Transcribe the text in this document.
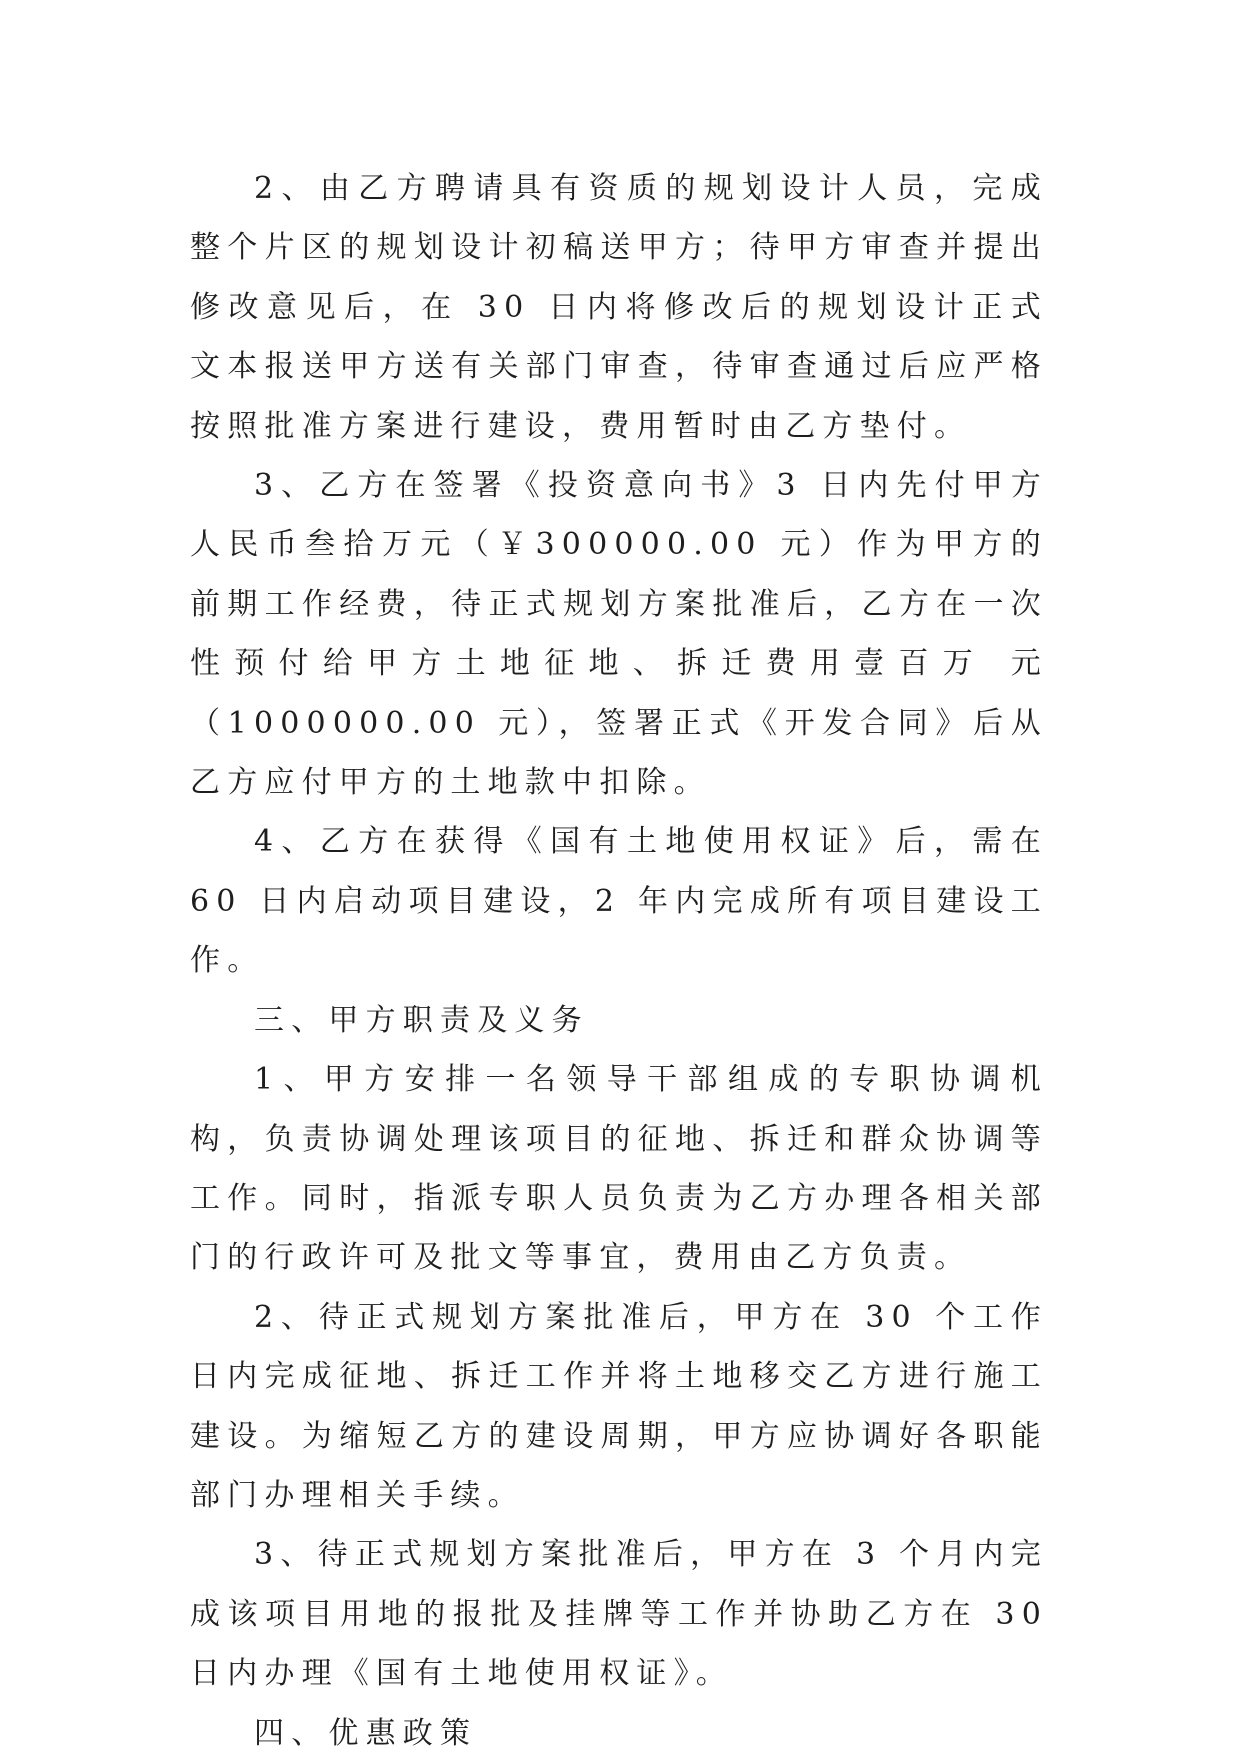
2、由乙方聘请具有资质的规划设计人员，完成整个片区的规划设计初稿送甲方；待甲方审查并提出修改意见后，在 30 日内将修改后的规划设计正式文本报送甲方送有关部门审查，待审查通过后应严格按照批准方案进行建设，费用暂时由乙方垫付。

3、乙方在签署《投资意向书》3 日内先付甲方人民币叁拾万元（￥300000.00 元）作为甲方的前期工作经费，待正式规划方案批准后，乙方在一次性预付给甲方土地征地、拆迁费用壹百万 元（1000000.00 元），签署正式《开发合同》后从乙方应付甲方的土地款中扣除。

4、乙方在获得《国有土地使用权证》后，需在 60 日内启动项目建设，2 年内完成所有项目建设工作。

三、甲方职责及义务

1、甲方安排一名领导干部组成的专职协调机构，负责协调处理该项目的征地、拆迁和群众协调等工作。同时，指派专职人员负责为乙方办理各相关部门的行政许可及批文等事宜，费用由乙方负责。

2、待正式规划方案批准后，甲方在 30 个工作日内完成征地、拆迁工作并将土地移交乙方进行施工建设。为缩短乙方的建设周期，甲方应协调好各职能部门办理相关手续。

3、待正式规划方案批准后，甲方在 3 个月内完成该项目用地的报批及挂牌等工作并协助乙方在 30 日内办理《国有土地使用权证》。

四、优惠政策
